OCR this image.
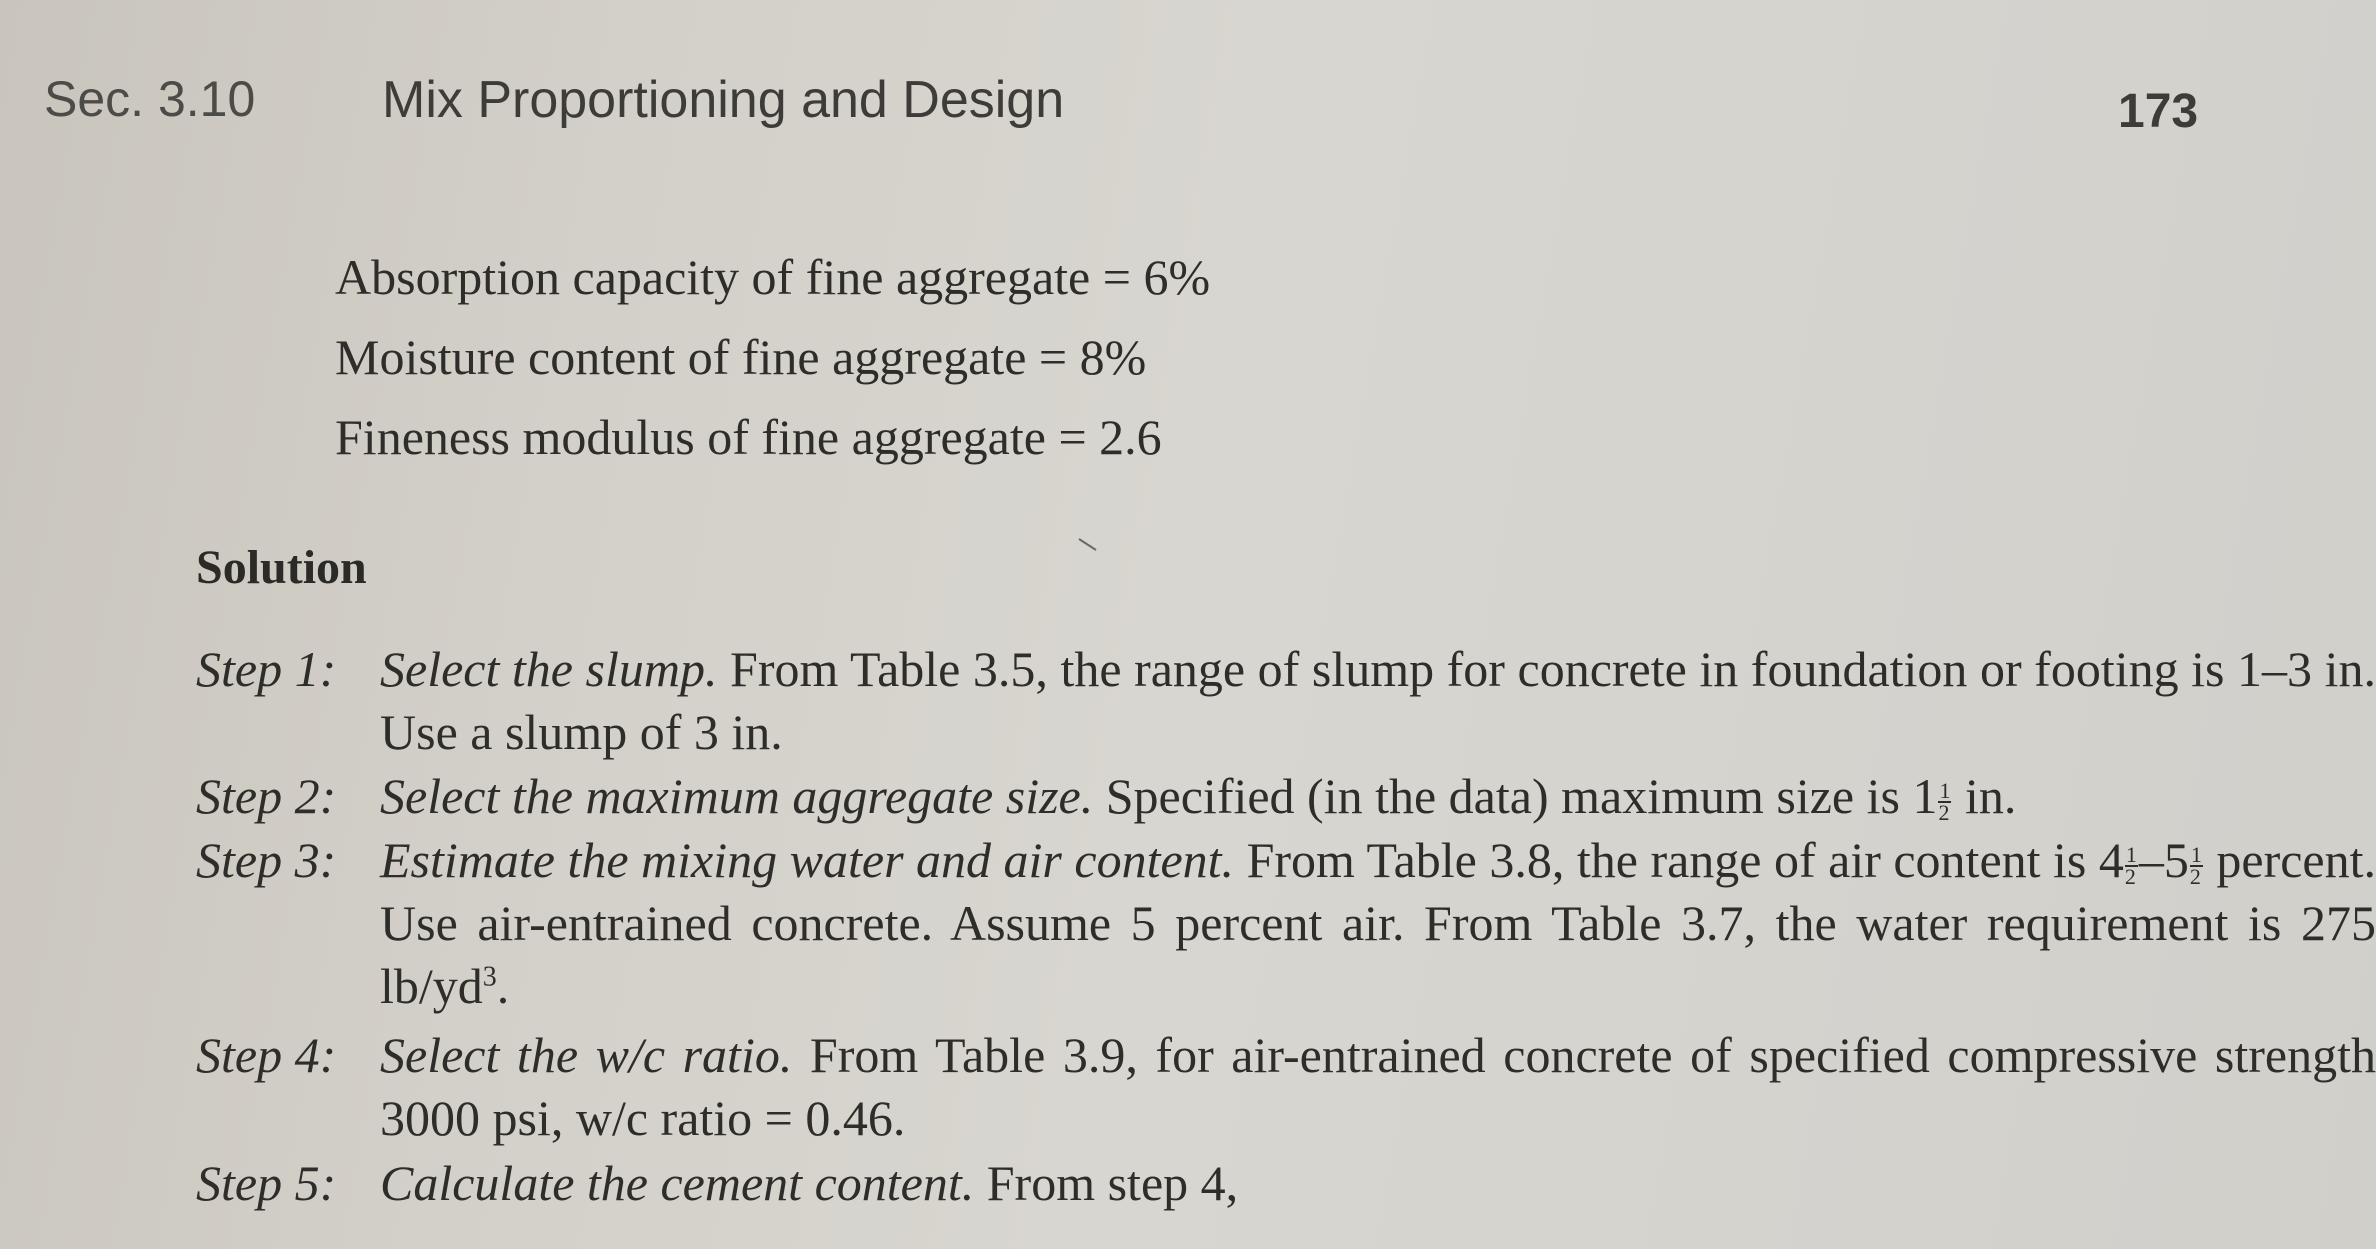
Sec. 3.10 Mix Proportioning and Design	173
Absorption capacity of fine aggregate = 6%
Moisture content of fine aggregate = 8%
Fineness modulus of fine aggregate = 2.6
Solution
Step 1: Select the slump. From Table 3.5, the range of slump for concrete in foundation or footing is 1–3 in. Use a slump of 3 in.
Step 2: Select the maximum aggregate size. Specified (in the data) maximum size is $1 \frac{1}{2}$ in.
Step 3: Estimate the mixing water and air content. From Table 3.8, the range of air content is $4 \frac{1}{2} -5 \frac{1}{2}$ percent. Use air-entrained concrete. Assume 5 percent air. From Table 3.7, the water requirement is 275 $lb/yd^3$.
Step 4: Select the w/c ratio. From Table 3.9, for air-entrained concrete of specified compressive strength 3000 psi, w/c ratio = 0.46.
Step 5: Calculate the cement content. From step 4,
